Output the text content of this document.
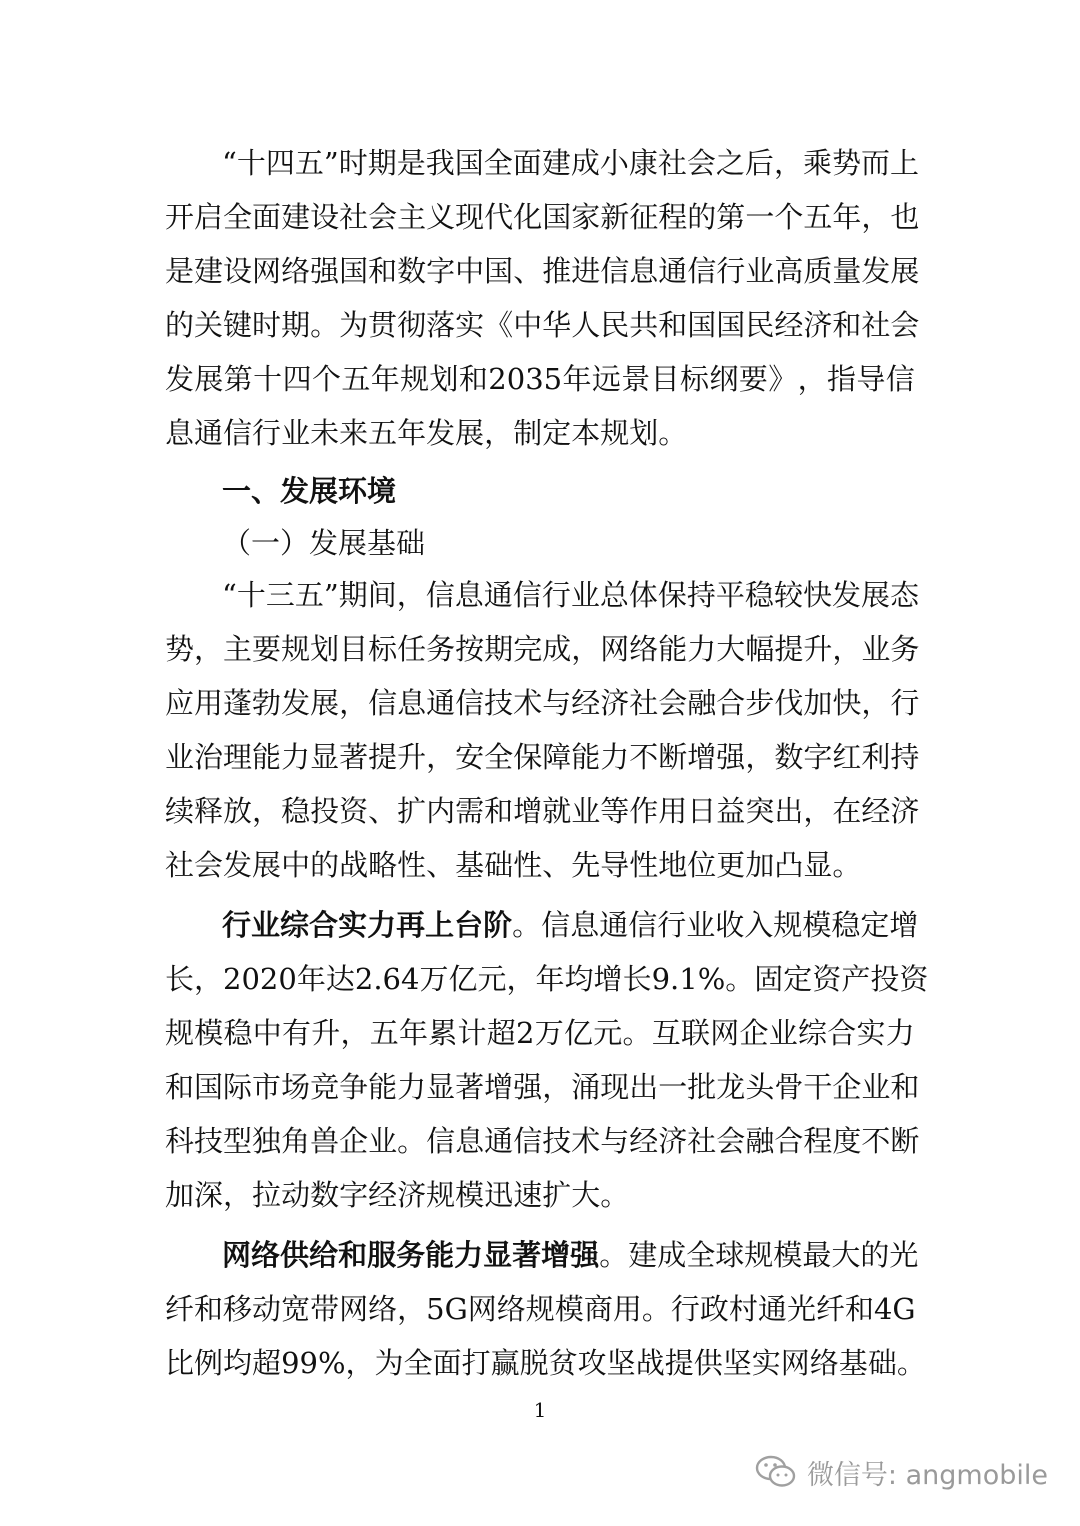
“ 十 四 五 ” 时 期 是 我 国 全 面 建 成 小 康 社 会 之 后 ， 乘 势 而 上
开 启 全 面 建 设 社 会 主 义 现 代 化 国 家 新 征 程 的 第 一 个 五 年 ， 也
是 建 设 网 络 强 国 和 数 字 中 国 、 推 进 信 息 通 信 行 业 高 质 量 发 展
的 关 键 时 期 。 为 贯 彻 落 实 《 中 华 人 民 共 和 国 国 民 经 济 和 社 会
发 展 第 十 四 个 五 年 规 划 和 2035 年 远 景 目 标 纲 要 》 ， 指 导 信
息 通 信 行 业 未 来 五 年 发 展 ， 制 定 本 规 划 。
“ 十 三 五 ” 期 间 ， 信 息 通 信 行 业 总 体 保 持 平 稳 较 快 发 展 态
势 ， 主 要 规 划 目 标 任 务 按 期 完 成 ， 网 络 能 力 大 幅 提 升 ， 业 务
应 用 蓬 勃 发 展 ， 信 息 通 信 技 术 与 经 济 社 会 融 合 步 伐 加 快 ， 行
业 治 理 能 力 显 著 提 升 ， 安 全 保 障 能 力 不 断 增 强 ， 数 字 红 利 持
续 释 放 ， 稳 投 资 、 扩 内 需 和 增 就 业 等 作 用 日 益 突 出 ， 在 经 济
社 会 发 展 中 的 战 略 性 、 基 础 性 、 先 导 性 地 位 更 加 凸 显 。
行 业 综 合 实 力 再 上 台 阶 。 信 息 通 信 行 业 收 入 规 模 稳 定 增
长 ， 2020 年 达 2.64 万 亿 元 ， 年 均 增 长 9.1% 。 固 定 资 产 投 资
规 模 稳 中 有 升 ， 五 年 累 计 超 2 万 亿 元 。 互 联 网 企 业 综 合 实 力
和 国 际 市 场 竞 争 能 力 显 著 增 强 ， 涌 现 出 一 批 龙 头 骨 干 企 业 和
科 技 型 独 角 兽 企 业 。 信 息 通 信 技 术 与 经 济 社 会 融 合 程 度 不 断
加 深 ， 拉 动 数 字 经 济 规 模 迅 速 扩 大 。
网 络 供 给 和 服 务 能 力 显 著 增 强 。 建 成 全 球 规 模 最 大 的 光
纤 和 移 动 宽 带 网 络 ， 5G 网 络 规 模 商 用 。 行 政 村 通 光 纤 和 4G
比 例 均 超 99% ， 为 全 面 打 赢 脱 贫 攻 坚 战 提 供 坚 实 网 络 基 础 。
一、发展环境
（一）发展基础
1
微信号: angmobile
